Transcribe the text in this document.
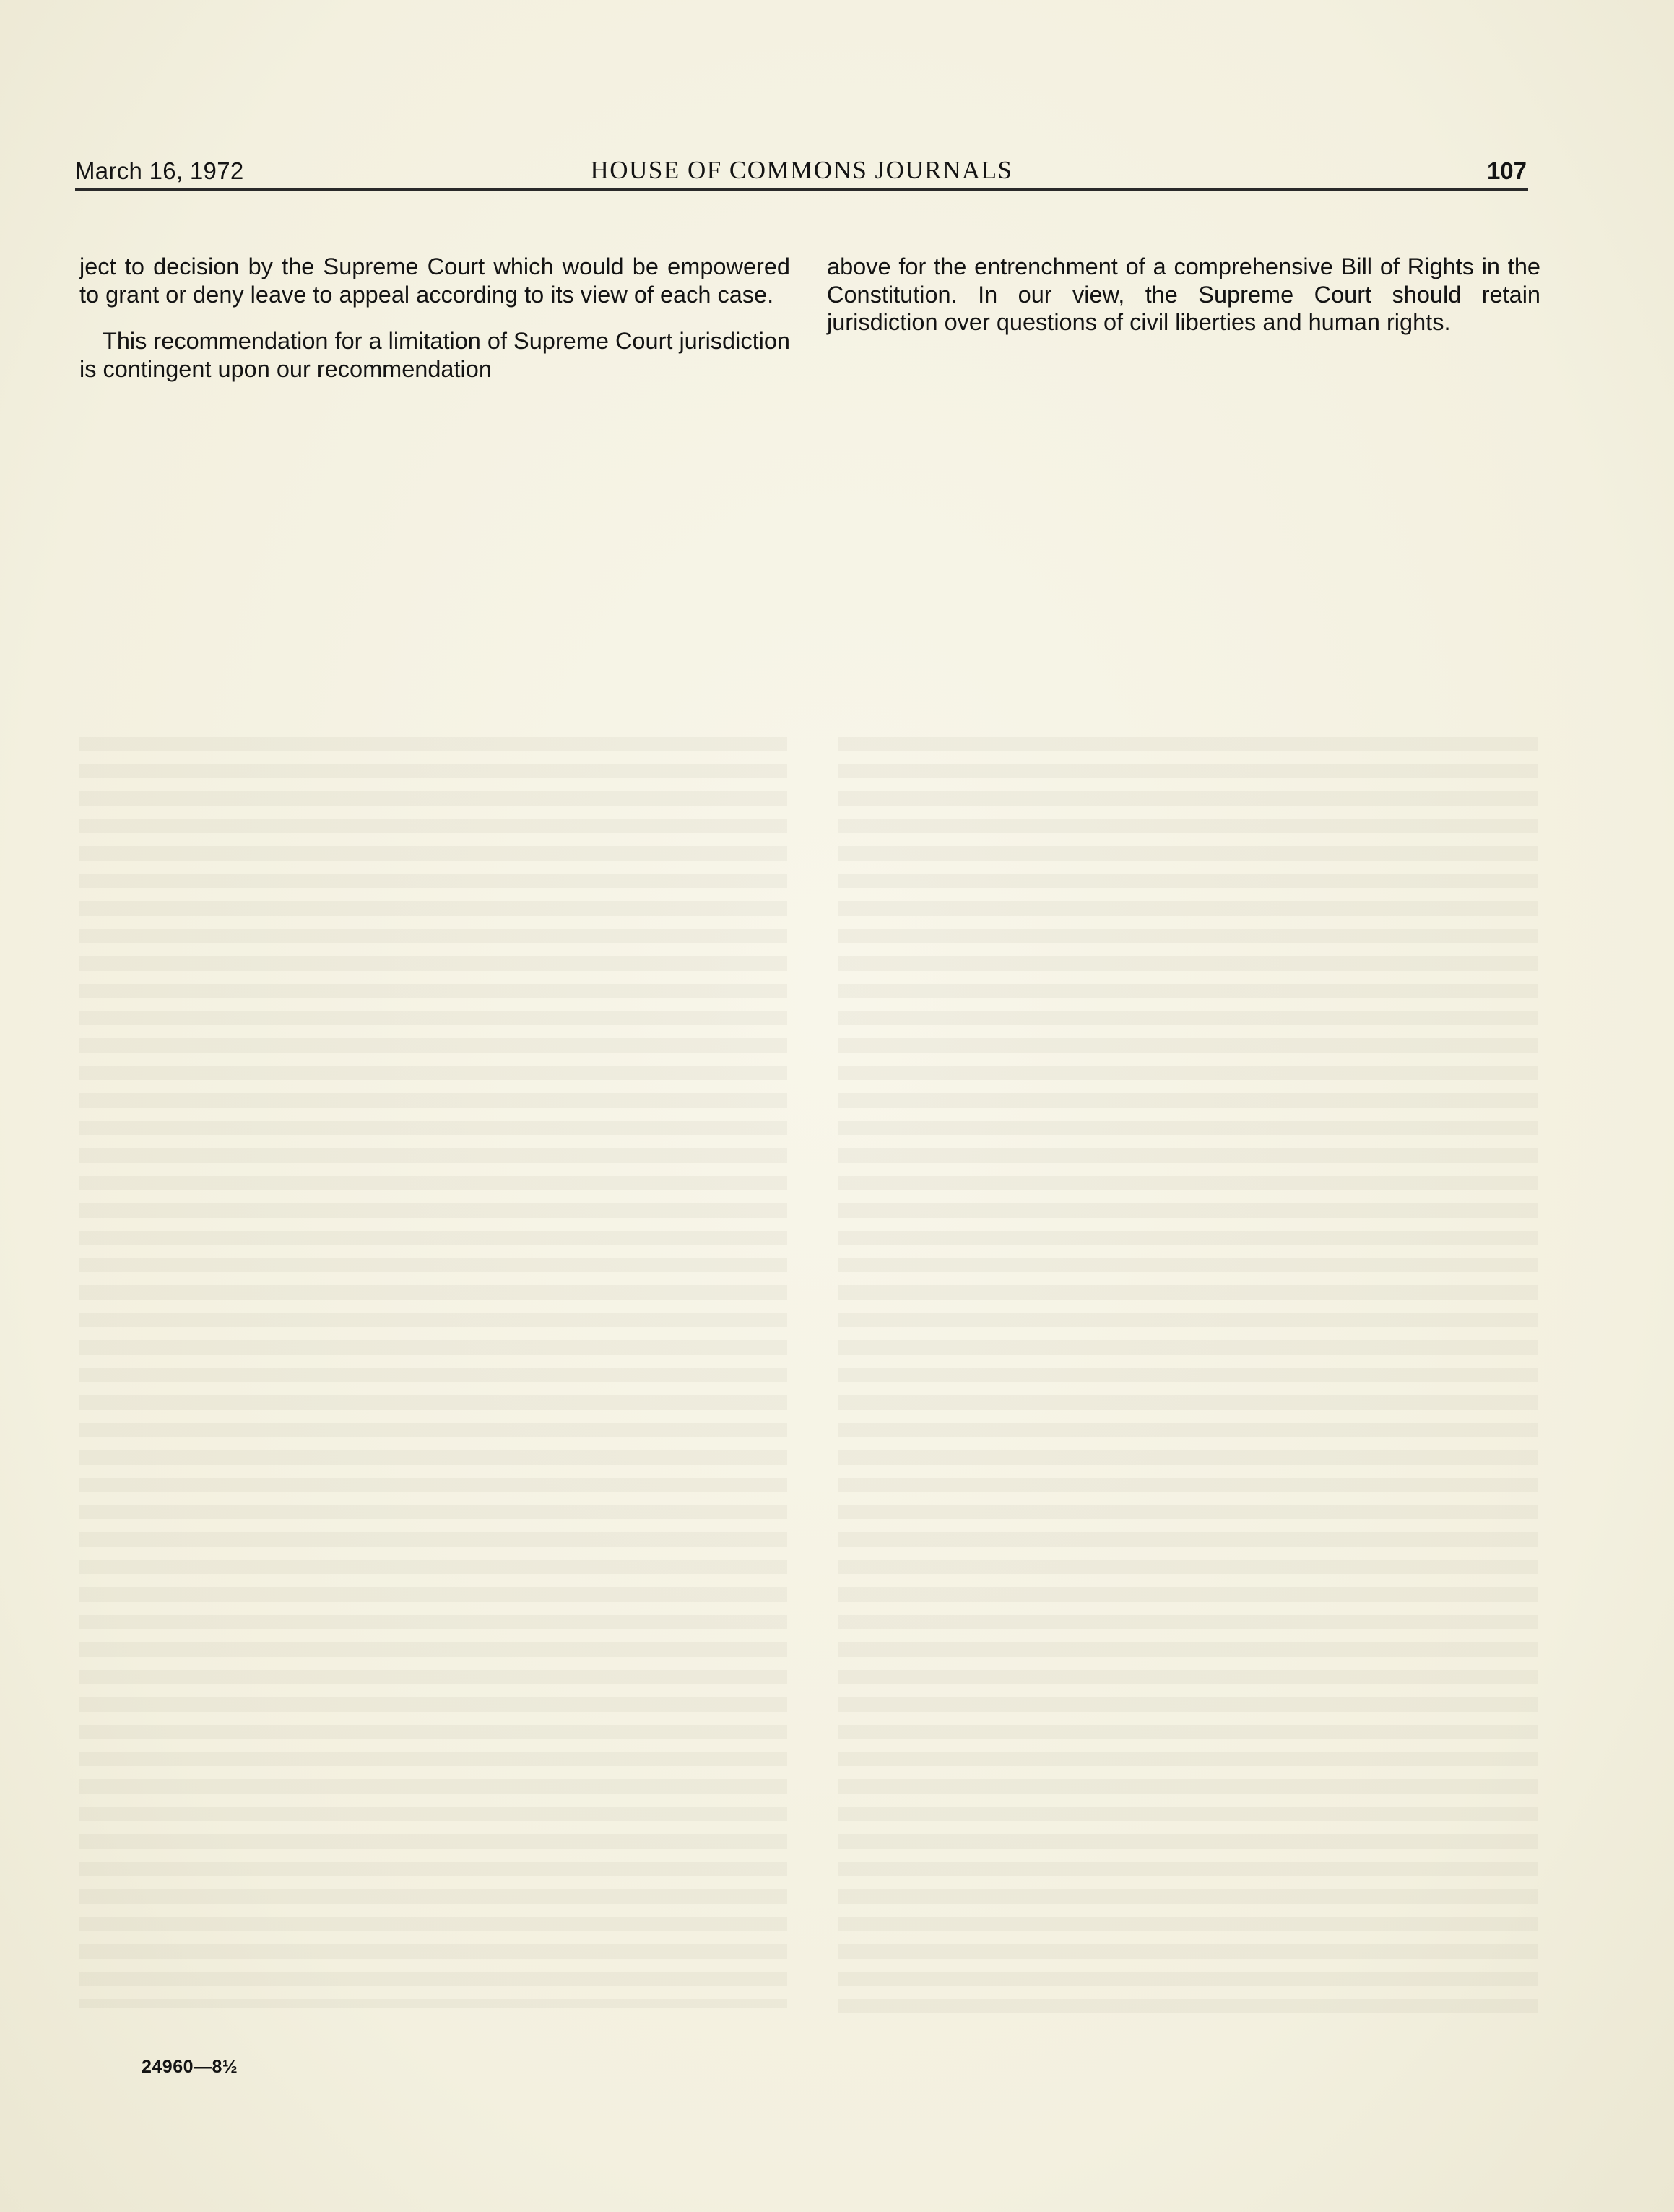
March 16, 1972	HOUSE OF COMMONS JOURNALS	107

ject to decision by the Supreme Court which would be empowered to grant or deny leave to appeal according to its view of each case.

This recommendation for a limitation of Supreme Court jurisdiction is contingent upon our recommendation

above for the entrenchment of a comprehensive Bill of Rights in the Constitution. In our view, the Supreme Court should retain jurisdiction over questions of civil liberties and human rights.

24960—8½
